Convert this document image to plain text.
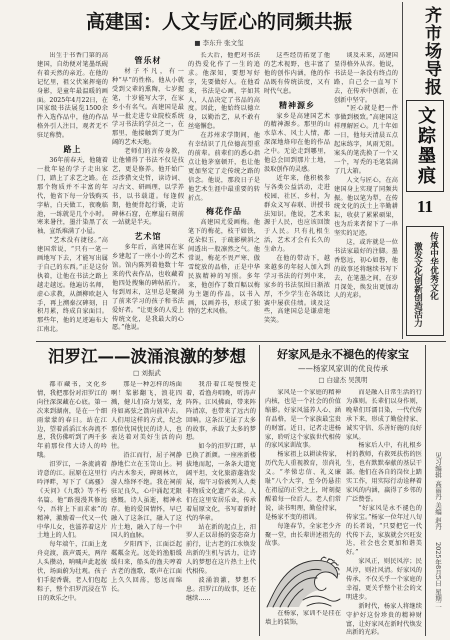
齐市场导报
文踪墨痕
11
传承中华优秀文化
激发文化创新创造活力
见习编辑 高丽丹 美编 赵丹 2025年8月5日 星期二
高建国：人文与匠心的同频共振
■ 李东升 张文玺

出生于书香门第的高建国，自幼便对笔墨纸砚有着天然的亲近。在他的记忆里，祖父伏案挥毫的身影，是童年最温暖的画面。2025年4月22日，在国家级书法展览1500余件入选作品中，他的作品格外引人注目，观者无不驻足称赞。

路上

36年前春天，他随着一批年轻的学子走出家门，踏上了求艺之路。在那个物质并不丰富的年代，他省下每一分钱购买字帖，白天做工，夜晚临池，一练就是几个小时。寒来暑往，墨汁染黑了衣袖，宣纸堆满了小屋。

“艺术没有捷径。”高建国常说，“只有一笔一画地写下去，才能写出属于自己的东西。”正是这份执着，让他在书法之路上越走越远。他遍访名师，虚心求教，从颜柳欧赵入手，再上溯秦汉碑刻，日积月累，终成自家面目。那些年，他的足迹遍布大江南北。

管乐材

材子不凡，有一种“早”的性格。他从小就受到父辈的熏陶，七岁握笔，十岁能写大字，在家乡小有名气。高建国是最早一批走进专业院校系统学习书法的学员之一，在那里，他接触到了更为广阔的艺术天地。

老师们的言传身教，让他懂得了书法不仅是技艺，更是修养。他开始广泛涉猎文史哲，读诗词、习古文、研画理，以学养书，以书载道。每逢假期，他便背起行囊，走访碑林石窟，在摩崖石刻前一站就是半天。

艺术馆

多年后，高建国在家乡建起了一座小小的艺术馆。馆内陈列着他数十年来的代表作品，也收藏着他四处搜集的碑帖拓片。每到周末，这里总是聚满了前来学习的孩子和书法爱好者。“让更多的人爱上传统文化，是我最大的心愿。”他说。

长大后，他把对书法的热爱化作了一生的追求。他深知，要想写好字，先要做好人。在他看来，书法是心画，字如其人，人品决定了书品的高度。因此，他始终以德立身，以勤治艺，从不敢有丝毫懈怠。

在苏州求学期间，他有幸结识了几位德高望重的前辈。前辈们的悉心指点让他茅塞顿开，也让他更加坚定了走传统之路的信念。他说，那段日子是他艺术生涯中最重要的转折点。

梅花作品

高建国尤爱画梅。他笔下的梅花，枝干如铁，花朵似玉，于疏影横斜之间透出一股凛然之气。他常说，梅花不畏严寒、傲雪绽放的品格，正是中华民族精神的写照。多年来，他创作了数百幅以梅为主题的作品，以书入画，以画养书，形成了独特的艺术风格。

这些经历拓宽了他的艺术视野，也丰富了他的创作内涵，他的作品既有传统法度，又有时代气息。

精神源乡

家乡是高建国艺术的精神源乡。那里的山水草木、风土人情，都深深地烙印在他的作品之中。无论走到哪里，他总会回到那片土地，汲取创作的灵感。

近年来，他积极参与各类公益活动，走进校园、社区、乡村，为群众义写春联、讲授书法知识。他说，艺术来源于人民，也应该回馈于人民。只有扎根生活，艺术才会有长久的生命力。

在他的带动下，越来越多的年轻人加入到学习书法的行列中来，家乡的书法氛围日渐浓厚，不少学生在各级比赛中屡获佳绩。谈及这些，高建国总是谦虚地笑笑。

谈及未来，高建国显得格外从容。他说，书法是一条没有终点的路，自己会一直写下去，在传承中创新，在创新中坚守。

“匠心就是把一件事做到极致。”高建国这样理解匠心。几十年如一日，他每天清晨五点起床练字，风雨无阻。案头的笔洗换了一个又一个，写秃的毛笔装满了几大箱。

人文与匠心，在高建国身上实现了同频共振。他以笔为犁，在传统文化的沃土上辛勤耕耘，收获了累累硕果，也为后来者留下了一串坚实的足迹。

这，或许就是一位书法家最好的注脚。墨香悠远，初心如磐，他的故事还将继续书写下去，在笔墨之间，在岁月深处，焕发出更加动人的光彩。

汨罗江——波涌浪激的梦想
□ 刘振武

都市藏书，文化乡情，我把那份对汨罗江的向往深深藏在心底。第一次来到湖南，是在一个细雨蒙蒙的春日。站在江边，望着滔滔江水奔流不息，我仿佛听到了两千多年前那位伟大诗人的吟哦。

汨罗江，一条流淌着诗意的江。屈原在这里行吟泽畔，写下了《离骚》《天问》《九歌》等不朽名篇。他“路漫漫其修远兮，吾将上下而求索”的精神，激励着一代又一代中华儿女，也滋养着这片土地上的人们。

每年端午，江面上龙舟竞渡，鼓声震天，两岸人头攒动，呐喊声此起彼伏，场面蔚为壮观。孩子们手提香囊，老人们包起粽子，整个汨罗沉浸在节日的欢乐之中。

那是一种怎样的场面啊！桨影翻飞，浪花四溅，健儿们奋力划桨，龙舟如离弦之箭向前冲去。人们用这样的方式，纪念那位忧国忧民的诗人，也表达着对美好生活的向往。

沿江而行，屈子祠静静地伫立在玉笥山上。祠内古木参天，碑刻林立，游人络绎不绝。我在祠前驻足良久，心中涌起无限感慨。诗人虽逝，精神永存。他的爱国情怀，早已融入了这条江，融入了这片土地，融入了每一个中国人的血脉。

夕阳西下，江面泛起粼粼金光。远处的渔船缓缓归来，船头的渔夫哼着古老的渔歌，歌声在江面上久久回荡，悠远而绵长。

我沿着江堤慢慢走着，看渔舟唱晚，听涛声阵阵。江风拂面，带来阵阵清凉，也带来了远古的回响。这条江见证了太多的故事，承载了太多的梦想。

如今的汨罗江畔，早已换了新颜。一座座新楼拔地而起，一条条大道宽阔平坦，文化旅游蓬勃发展，端午习俗被列入人类非物质文化遗产名录。人们在这里安居乐业，传承着屈原文化，书写着新时代的华章。

站在新的起点上，汨罗人正以昂扬的姿态奋力前行，让古老的江水焕发出新的生机与活力，让诗人的梦想在这片热土上代代相传。

波涌浪激，梦想不息。汨罗江的故事，还在继续……

好家风是永不褪色的传家宝
——杨家风家训的优良传承
□ 白建杰 吴凯明

家风是一个家庭的精神内核，也是一个社会的价值缩影。好家风滋养人心、涵育品格，是一个家族最宝贵的财富。近日，记者走进杨家，聆听这个家族世代相传的家风家训故事。

杨家祖上以耕读传家，历代先人重视教育，崇尚礼义。“孝悌忠信、礼义廉耻”八个大字，至今仍悬挂在祖屋的正堂之上，时刻提醒着每一位后人。老人们常说，读书明理，勤俭持家，是杨家不变的祖训。

每逢春节，全家老少齐聚一堂，由长辈讲述祖先的故事。

在杨家，家训不是挂在墙上的装饰，

而是融入日常生活的行为准则。长辈们以身作则，晚辈们耳濡目染，一代代传承下来，形成了勤俭持家、诚实守信、乐善好施的良好家风。

杨家后人中，有扎根乡村的教师，有救死扶伤的医生，也有默默奉献的基层干部。他们在各自的岗位上踏实工作，用实际行动诠释着家风的内涵，赢得了乡邻的广泛赞誉。

“好家风是永不褪色的传家宝。”杨家一位年过八旬的长者说，“只要把它一代代传下去，家族就会兴旺发达，社会也会更加和谐美好。”

家风正，则民风淳；民风淳，则社风清。好家风的传承，不仅关乎一个家庭的幸福，更关乎整个社会的文明进步。

新时代，杨家人将继续守护好这份珍贵的精神财富，让好家风在新时代焕发出新的光彩。
